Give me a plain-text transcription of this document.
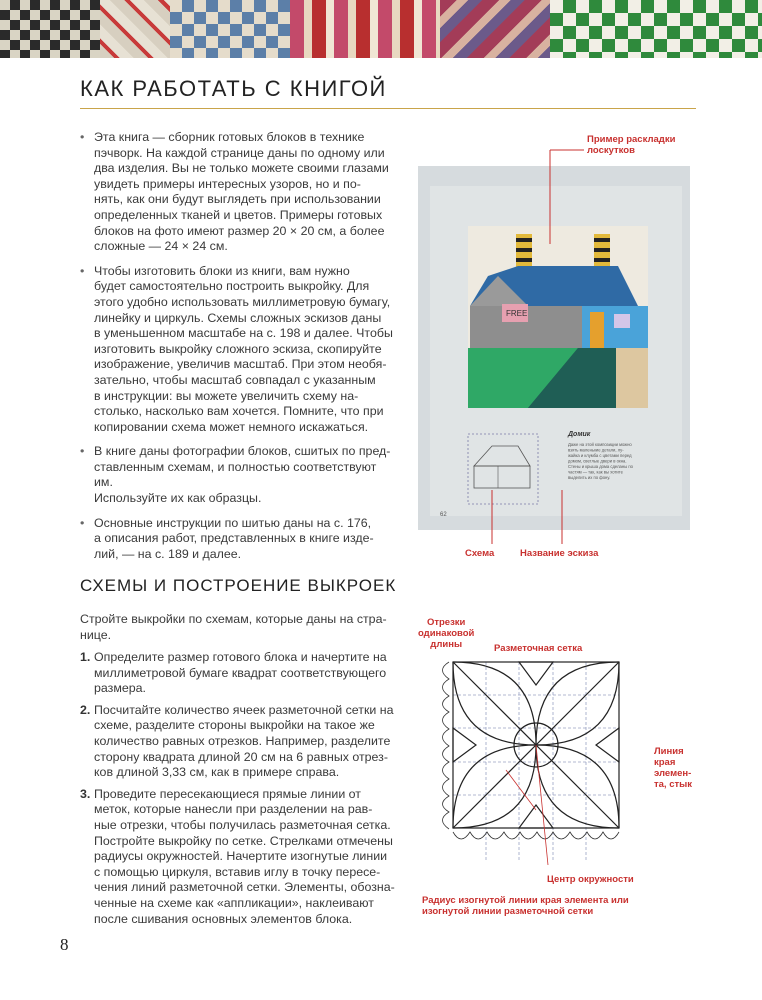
КАК РАБОТАТЬ С КНИГОЙ
• Эта книга — сборник готовых блоков в технике
пэчворк. На каждой странице даны по одному или
два изделия. Вы не только можете своими глазами
увидеть примеры интересных узоров, но и по-
нять, как они будут выглядеть при использовании
определенных тканей и цветов. Примеры готовых
блоков на фото имеют размер 20 × 20 см, а более
сложные — 24 × 24 см.
• Чтобы изготовить блоки из книги, вам нужно
будет самостоятельно построить выкройку. Для
этого удобно использовать миллиметровую бумагу,
линейку и циркуль. Схемы сложных эскизов даны
в уменьшенном масштабе на с. 198 и далее. Чтобы
изготовить выкройку сложного эскиза, скопируйте
изображение, увеличив масштаб. При этом необя-
зательно, чтобы масштаб совпадал с указанным
в инструкции: вы можете увеличить схему на-
столько, насколько вам хочется. Помните, что при
копировании схема может немного искажаться.
• В книге даны фотографии блоков, сшитых по пред-
ставленным схемам, и полностью соответствуют им.
Используйте их как образцы.
• Основные инструкции по шитью даны на с. 176,
а описания работ, представленных в книге изде-
лий, — на с. 189 и далее.
FREE
62
Домик
Даже на этой композиции можно взять маленькие детали, лу-жайка и клумба с цветами перед домом, светлые двери в окна. Стены и крыша дома сделаны по частям — так, как вы хотите выделить их по фону.
Пример раскладки
лоскутков
Схема	Название эскиза
СХЕМЫ И ПОСТРОЕНИЕ ВЫКРОЕК
Стройте выкройки по схемам, которые даны на стра-
нице.
1. Определите размер готового блока и начертите на
миллиметровой бумаге квадрат соответствующего
размера.
2. Посчитайте количество ячеек разметочной сетки на
схеме, разделите стороны выкройки на такое же
количество равных отрезков. Например, разделите
сторону квадрата длиной 20 см на 6 равных отрез-
ков длиной 3,33 см, как в примере справа.
3. Проведите пересекающиеся прямые линии от
меток, которые нанесли при разделении на рав-
ные отрезки, чтобы получилась разметочная сетка.
Постройте выкройку по сетке. Стрелками отмечены
радиусы окружностей. Начертите изогнутые линии
с помощью циркуля, вставив иглу в точку пересе-
чения линий разметочной сетки. Элементы, обозна-
ченные на схеме как «аппликации», наклеивают
после сшивания основных элементов блока.
Отрезки
одинаковой
длины	Разметочная сетка
Линия
края
элемен-
та, стык
Центр окружности
Радиус изогнутой линии края элемента или
изогнутой линии разметочной сетки
8
